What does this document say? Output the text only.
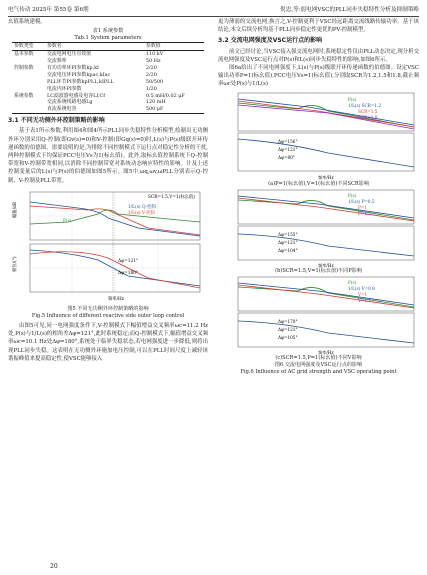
电气传动 2025年 第55卷 第6期	倪忠,等:弱电网VSC的PLL同步失稳特性分析及抑制策略

幺值系统建模。

表1 系统参数
Tab.1 System parameters
参数类型	参数名	参数值
基本参数	交流电网电压有效值	110 kV
	交流频率	50 Hz
控制参数	有功功率环PI参数kp,kI	2/20
	交流电压环PI参数kpac,kIac	2/20
	PLL环节PI参数kpPLL,kIPLL	50/500
	电流内环PI参数	1/20
系统参数	LC滤波器电感及电容Lf,Cf	0.5 mH/0.02 μF
	交流系统线路电感Lg	120 mH
	直流系统电容	500 μF
3.1 不同无功侧外环控制策略的影响

基于表1所示参数,利用图4和图4所示PLL同步失稳特性分析模型,绘制出无功侧外环分别采用Q-控制(即Gv(s)=0)和V-控制(即Gq(s)=0)时,L(s)与P(s)级联开环传递函数的伯德图。需要说明的是,为排除不同控制模式下运行点对稳定性分析的干扰,两种控制模式下均保证PCC电压Vs为1(标幺值)。此外,取标幺值控制系统下Q-控制带宽和V-控制带宽相同,以消除不同控制带宽对系统动态响应特性的影响。计及上述控制变量后的L(s)与P(s)的伯德图如图5所示。图5中,ωq,ωv,ωPLL分别表示Q-控制、V-控制及PLL带宽。

SCR=1.5,V=1(标幺值)
1/L(s) Q-控制
1/L(s) V-控制
P(s)
Δφ=121°
Δφ=180°
幅值/dB
相位/(°)
频率/Hz
图5 不同无功侧外环控制策略的影响
Fig.5 Influence of different reactive side outer loop control

由图5可见,同一电网强度条件下,V-控制模式下幅值增益交叉频率ωc=11.2 Hz处,P(s)与1/L(s)的相角差Δφ=121°,此时系统稳定;而Q-控制模式下,幅值增益交叉频率ωc=10.1 Hz处Δφ=180°,系统处于临界失稳状态,若电网强度进一步降低,则将出现PLL同步失稳。这表明在无功侧外环施加电压控制,可以在PLL时间尺度上减轻该谐振峰值来提高稳定性,使VSC能够接入

更为薄弱的交流电网,换言之,V-控制更利于VSC经远距离交流线路传输功率。基于该结论,本文后续分析均基于PLL同步稳定性更优的PV-控制模型。

3.2 交流电网强度及VSC运行点的影响

前文已经讨论,当VSC接入强交流电网时,系统稳定性仅由PLL动态决定,现分析交流电网强度及VSC运行点对P(s)和L(s)同步失稳特性的影响,如图6所示。

图6a给出了不同电网强度下,L(s)与P(s)级联开环传递函数的伯德图。设定VSC输出功率P=1(标幺值),PCC电压Vs=1(标幺值),分别取SCR为1.2,1.5和1.8,截止频率ωc处P(s)与1/L(s)

P(s)
1/L(s) SCR=1.2
SCR=1.5
SCR=1.8
Δφ=156°
Δφ=121°
Δφ=80°
频率/Hz
(a)P=1(标幺值),V=1(标幺值)不同SCR影响
P(s)
1/L(s) P=0.5
P=1
P=1.2
Δφ=155°
Δφ=121°
Δφ=104°
频率/Hz
(b)SCR=1.5,V=1(标幺值)不同P影响
P(s)
1/L(s) V=0.8
V=1
V=1.1
Δφ=170°
Δφ=121°
Δφ=105°
频率/Hz
(c)SCR=1.5,P=1(标幺值)不同V影响
图6 交流电网强度及VSC运行点的影响
Fig.6 Influence of AC grid strength and VSC operating point
20
